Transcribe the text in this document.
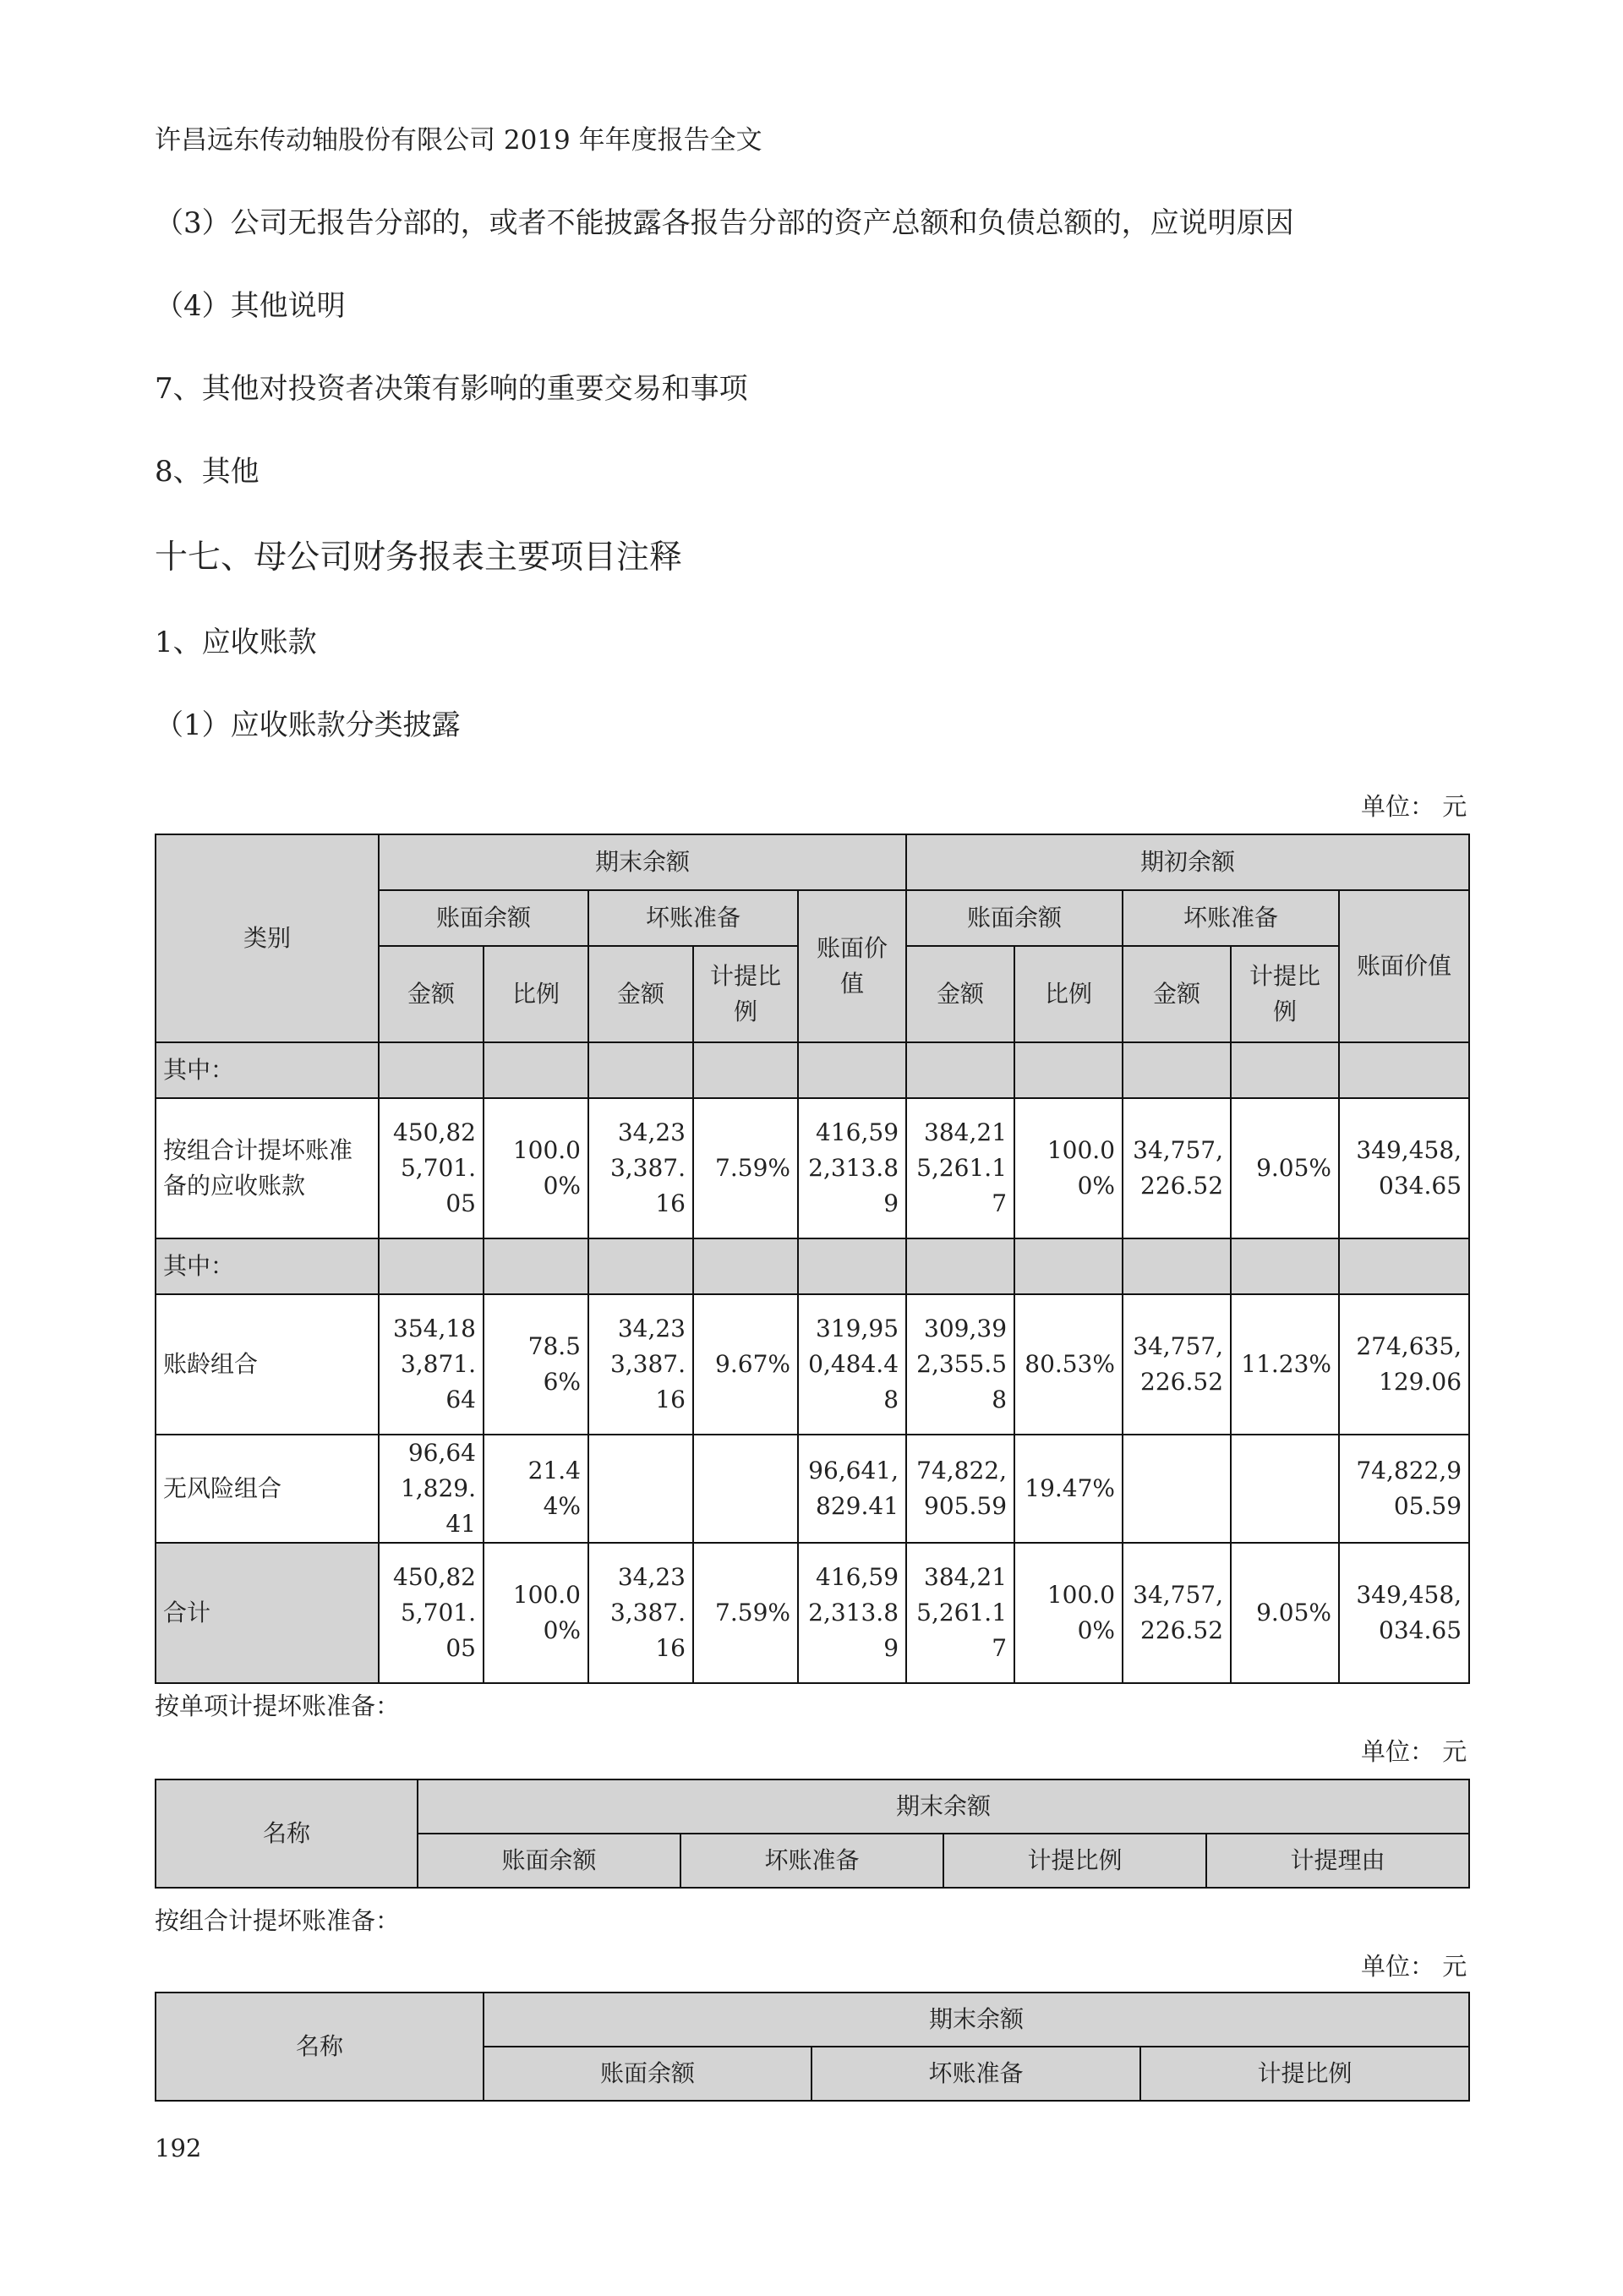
许昌远东传动轴股份有限公司 2019 年年度报告全文
（3）公司无报告分部的，或者不能披露各报告分部的资产总额和负债总额的，应说明原因
（4）其他说明
7、其他对投资者决策有影响的重要交易和事项
8、其他
十七、母公司财务报表主要项目注释
1、应收账款
（1）应收账款分类披露
单位： 元
类别	期末余额					期初余额				
	账面余额		坏账准备		账面价值	账面余额		坏账准备		账面价值
	金额	比例	金额	计提比例		金额	比例	金额	计提比例	
其中：										
按组合计提坏账准备的应收账款	450,825,701.05	100.00%	34,233,387.16	7.59%	416,592,313.89	384,215,261.17	100.00%	34,757,226.52	9.05%	349,458,034.65
其中：										
账龄组合	354,183,871.64	78.56%	34,233,387.16	9.67%	319,950,484.48	309,392,355.58	80.53%	34,757,226.52	11.23%	274,635,129.06
无风险组合	96,641,829.41	21.44%			96,641,829.41	74,822,905.59	19.47%			74,822,905.59
合计	450,825,701.05	100.00%	34,233,387.16	7.59%	416,592,313.89	384,215,261.17	100.00%	34,757,226.52	9.05%	349,458,034.65
按单项计提坏账准备：
单位： 元
名称	期末余额			
	账面余额	坏账准备	计提比例	计提理由
按组合计提坏账准备：
单位： 元
名称	期末余额		
	账面余额	坏账准备	计提比例
192
